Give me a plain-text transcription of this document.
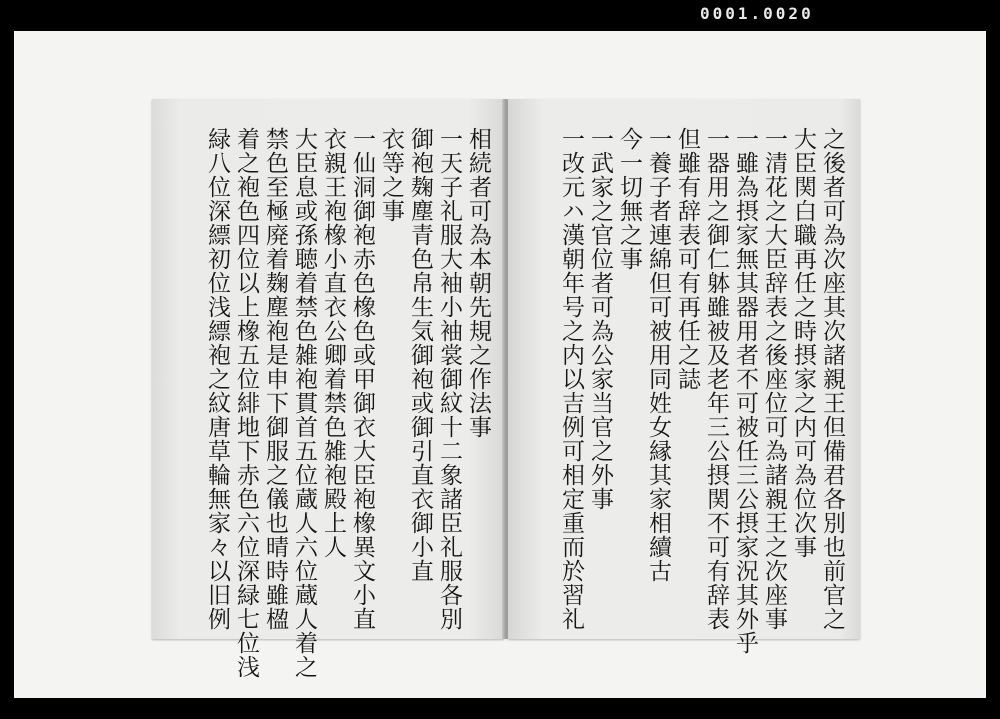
0001.0020
相続者可為本朝先規之作法事
一天子礼服大袖小袖裳御紋十二象諸臣礼服各別
御袍麹塵青色帛生気御袍或御引直衣御小直
衣等之事
一仙洞御袍赤色橡色或甲御衣大臣袍橡異文小直
衣親王袍橡小直衣公卿着禁色雑袍殿上人
大臣息或孫聴着禁色雑袍貫首五位蔵人六位蔵人着之
禁色至極廃着麹塵袍是申下御服之儀也晴時雖楹
着之袍色四位以上橡五位緋地下赤色六位深緑七位浅
緑八位深縹初位浅縹袍之紋唐草輪無家々以旧例	之後者可為次座其次諸親王但備君各別也前官之
大臣関白職再任之時摂家之内可為位次事
一清花之大臣辞表之後座位可為諸親王之次座事
一雖為摂家無其器用者不可被任三公摂家況其外乎
一器用之御仁躰雖被及老年三公摂関不可有辞表
但雖有辞表可有再任之誌
一養子者連綿但可被用同姓女縁其家相續古
今一切無之事
一武家之官位者可為公家当官之外事
一改元ハ漢朝年号之内以吉例可相定重而於習礼
